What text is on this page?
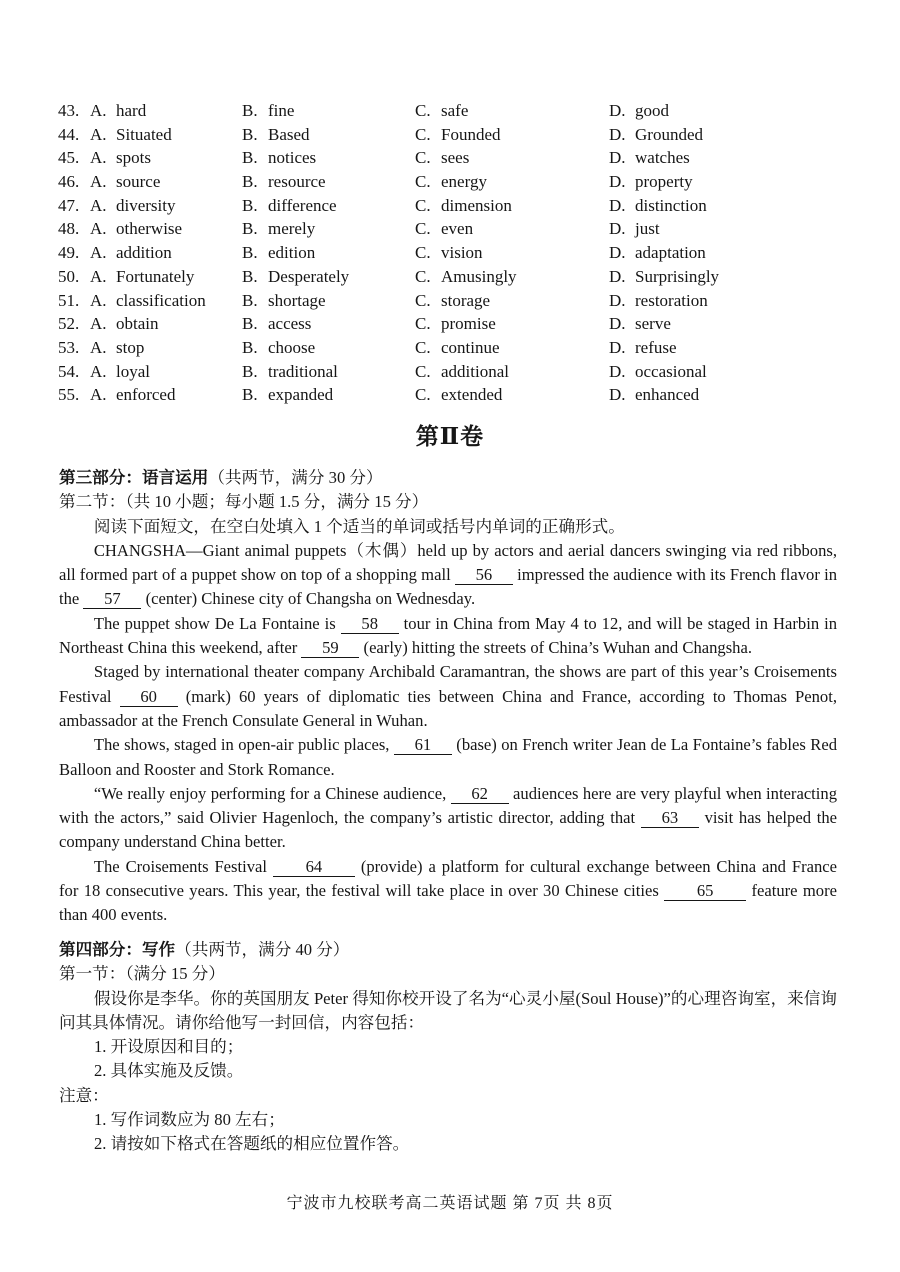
43. A. hard	B. fine	C. safe	D. good
44. A. Situated	B. Based	C. Founded	D. Grounded
45. A. spots	B. notices	C. sees	D. watches
46. A. source	B. resource	C. energy	D. property
47. A. diversity	B. difference	C. dimension	D. distinction
48. A. otherwise	B. merely	C. even	D. just
49. A. addition	B. edition	C. vision	D. adaptation
50. A. Fortunately	B. Desperately	C. Amusingly	D. Surprisingly
51. A. classification	B. shortage	C. storage	D. restoration
52. A. obtain	B. access	C. promise	D. serve
53. A. stop	B. choose	C. continue	D. refuse
54. A. loyal	B. traditional	C. additional	D. occasional
55. A. enforced	B. expanded	C. extended	D. enhanced
第Ⅱ卷

第三部分：语言运用（共两节，满分 30 分）

第二节：（共 10 小题；每小题 1.5 分，满分 15 分）

阅读下面短文，在空白处填入 1 个适当的单词或括号内单词的正确形式。

CHANGSHA—Giant animal puppets（木偶）held up by actors and aerial dancers swinging via red ribbons, all formed part of a puppet show on top of a shopping mall 56 impressed the audience with its French flavor in the 57 (center) Chinese city of Changsha on Wednesday.

The puppet show De La Fontaine is 58 tour in China from May 4 to 12, and will be staged in Harbin in Northeast China this weekend, after 59 (early) hitting the streets of China’s Wuhan and Changsha.

Staged by international theater company Archibald Caramantran, the shows are part of this year’s Croisements Festival 60 (mark) 60 years of diplomatic ties between China and France, according to Thomas Penot, ambassador at the French Consulate General in Wuhan.

The shows, staged in open-air public places, 61 (base) on French writer Jean de La Fontaine’s fables Red Balloon and Rooster and Stork Romance.

“We really enjoy performing for a Chinese audience, 62 audiences here are very playful when interacting with the actors,” said Olivier Hagenloch, the company’s artistic director, adding that 63 visit has helped the company understand China better.

The Croisements Festival 64 (provide) a platform for cultural exchange between China and France for 18 consecutive years. This year, the festival will take place in over 30 Chinese cities 65 feature more than 400 events.

第四部分：写作（共两节，满分 40 分）

第一节：（满分 15 分）

假设你是李华。你的英国朋友 Peter 得知你校开设了名为“心灵小屋(Soul House)”的心理咨询室，来信询问其具体情况。请你给他写一封回信，内容包括：

1. 开设原因和目的；

2. 具体实施及反馈。

注意：

1. 写作词数应为 80 左右；

2. 请按如下格式在答题纸的相应位置作答。

宁波市九校联考高二英语试题 第 7页 共 8页
